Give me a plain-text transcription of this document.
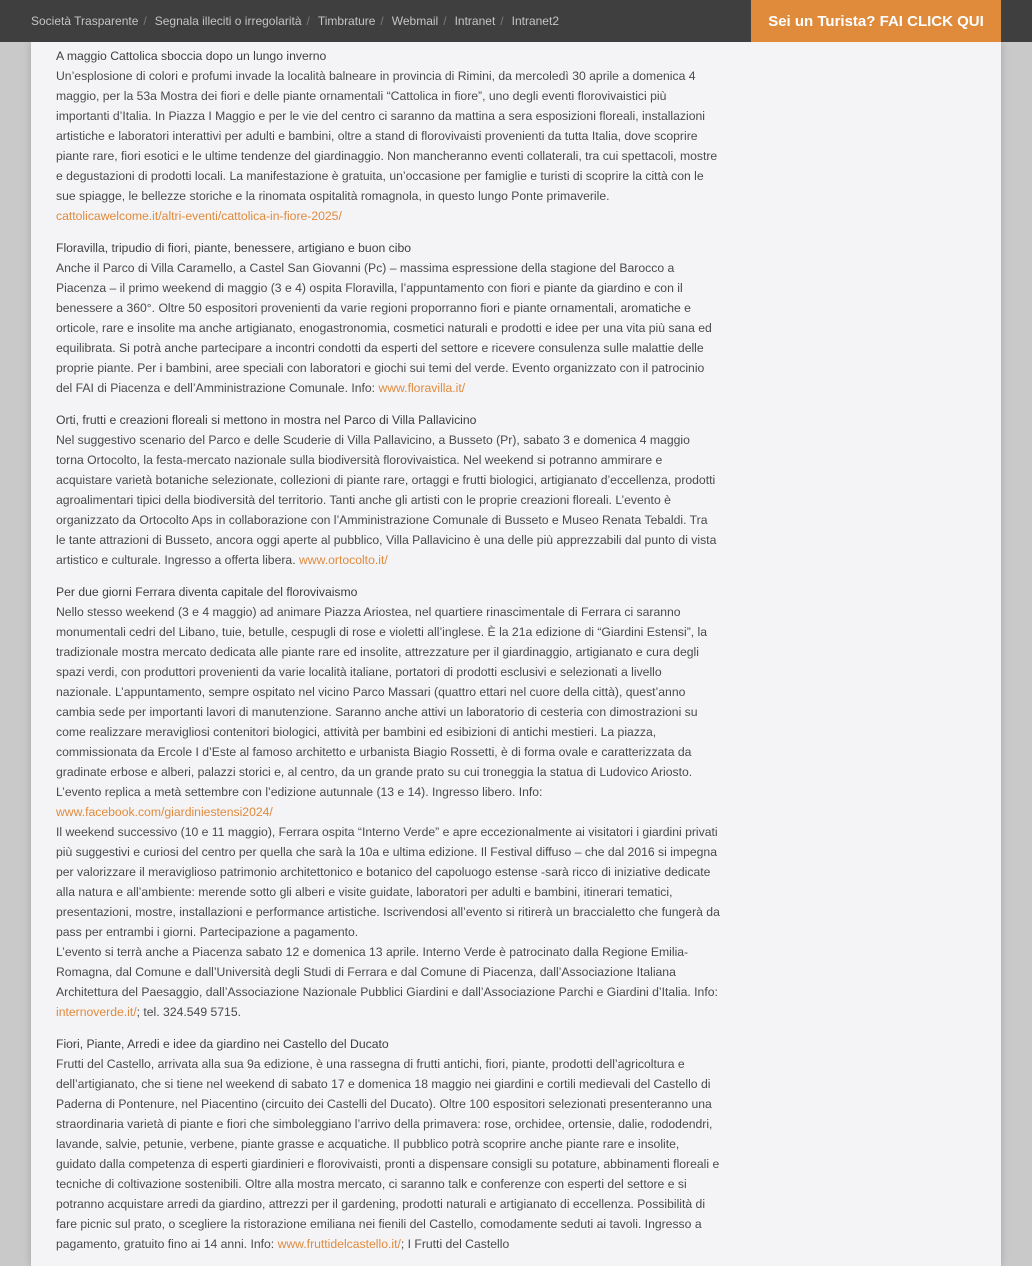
Società Trasparente / Segnala illeciti o irregolarità / Timbrature / Webmail / Intranet / Intranet2	Sei un Turista? FAI CLICK QUI
A maggio Cattolica sboccia dopo un lungo inverno

Un’esplosione di colori e profumi invade la località balneare in provincia di Rimini, da mercoledì 30 aprile a domenica 4 maggio, per la 53a Mostra dei fiori e delle piante ornamentali “Cattolica in fiore”, uno degli eventi florovivaistici più importanti d’Italia. In Piazza I Maggio e per le vie del centro ci saranno da mattina a sera esposizioni floreali, installazioni artistiche e laboratori interattivi per adulti e bambini, oltre a stand di florovivaisti provenienti da tutta Italia, dove scoprire piante rare, fiori esotici e le ultime tendenze del giardinaggio. Non mancheranno eventi collaterali, tra cui spettacoli, mostre e degustazioni di prodotti locali. La manifestazione è gratuita, un’occasione per famiglie e turisti di scoprire la città con le sue spiagge, le bellezze storiche e la rinomata ospitalità romagnola, in questo lungo Ponte primaverile.
cattolicawelcome.it/altri-eventi/cattolica-in-fiore-2025/

Floravilla, tripudio di fiori, piante, benessere, artigiano e buon cibo

Anche il Parco di Villa Caramello, a Castel San Giovanni (Pc) – massima espressione della stagione del Barocco a Piacenza – il primo weekend di maggio (3 e 4) ospita Floravilla, l’appuntamento con fiori e piante da giardino e con il benessere a 360°. Oltre 50 espositori provenienti da varie regioni proporranno fiori e piante ornamentali, aromatiche e orticole, rare e insolite ma anche artigianato, enogastronomia, cosmetici naturali e prodotti e idee per una vita più sana ed equilibrata. Si potrà anche partecipare a incontri condotti da esperti del settore e ricevere consulenza sulle malattie delle proprie piante. Per i bambini, aree speciali con laboratori e giochi sui temi del verde. Evento organizzato con il patrocinio del FAI di Piacenza e dell’Amministrazione Comunale. Info: www.floravilla.it/

Orti, frutti e creazioni floreali si mettono in mostra nel Parco di Villa Pallavicino

Nel suggestivo scenario del Parco e delle Scuderie di Villa Pallavicino, a Busseto (Pr), sabato 3 e domenica 4 maggio torna Ortocolto, la festa-mercato nazionale sulla biodiversità florovivaistica. Nel weekend si potranno ammirare e acquistare varietà botaniche selezionate, collezioni di piante rare, ortaggi e frutti biologici, artigianato d’eccellenza, prodotti agroalimentari tipici della biodiversità del territorio. Tanti anche gli artisti con le proprie creazioni floreali. L’evento è organizzato da Ortocolto Aps in collaborazione con l’Amministrazione Comunale di Busseto e Museo Renata Tebaldi. Tra le tante attrazioni di Busseto, ancora oggi aperte al pubblico, Villa Pallavicino è una delle più apprezzabili dal punto di vista artistico e culturale. Ingresso a offerta libera. www.ortocolto.it/

Per due giorni Ferrara diventa capitale del florovivaismo

Nello stesso weekend (3 e 4 maggio) ad animare Piazza Ariostea, nel quartiere rinascimentale di Ferrara ci saranno monumentali cedri del Libano, tuie, betulle, cespugli di rose e violetti all’inglese. È la 21a edizione di “Giardini Estensi”, la tradizionale mostra mercato dedicata alle piante rare ed insolite, attrezzature per il giardinaggio, artigianato e cura degli spazi verdi, con produttori provenienti da varie località italiane, portatori di prodotti esclusivi e selezionati a livello nazionale. L’appuntamento, sempre ospitato nel vicino Parco Massari (quattro ettari nel cuore della città), quest’anno cambia sede per importanti lavori di manutenzione. Saranno anche attivi un laboratorio di cesteria con dimostrazioni su come realizzare meravigliosi contenitori biologici, attività per bambini ed esibizioni di antichi mestieri. La piazza, commissionata da Ercole I d’Este al famoso architetto e urbanista Biagio Rossetti, è di forma ovale e caratterizzata da gradinate erbose e alberi, palazzi storici e, al centro, da un grande prato su cui troneggia la statua di Ludovico Ariosto. L’evento replica a metà settembre con l’edizione autunnale (13 e 14). Ingresso libero. Info:
www.facebook.com/giardiniestensi2024/

Il weekend successivo (10 e 11 maggio), Ferrara ospita “Interno Verde” e apre eccezionalmente ai visitatori i giardini privati più suggestivi e curiosi del centro per quella che sarà la 10a e ultima edizione. Il Festival diffuso – che dal 2016 si impegna per valorizzare il meraviglioso patrimonio architettonico e botanico del capoluogo estense -sarà ricco di iniziative dedicate alla natura e all’ambiente: merende sotto gli alberi e visite guidate, laboratori per adulti e bambini, itinerari tematici, presentazioni, mostre, installazioni e performance artistiche. Iscrivendosi all’evento si ritirerà un braccialetto che fungerà da pass per entrambi i giorni. Partecipazione a pagamento.

L’evento si terrà anche a Piacenza sabato 12 e domenica 13 aprile. Interno Verde è patrocinato dalla Regione Emilia-Romagna, dal Comune e dall’Università degli Studi di Ferrara e dal Comune di Piacenza, dall’Associazione Italiana Architettura del Paesaggio, dall’Associazione Nazionale Pubblici Giardini e dall’Associazione Parchi e Giardini d’Italia. Info: internoverde.it/; tel. 324.549 5715.

Fiori, Piante, Arredi e idee da giardino nei Castello del Ducato

Frutti del Castello, arrivata alla sua 9a edizione, è una rassegna di frutti antichi, fiori, piante, prodotti dell’agricoltura e dell’artigianato, che si tiene nel weekend di sabato 17 e domenica 18 maggio nei giardini e cortili medievali del Castello di Paderna di Pontenure, nel Piacentino (circuito dei Castelli del Ducato). Oltre 100 espositori selezionati presenteranno una straordinaria varietà di piante e fiori che simboleggiano l’arrivo della primavera: rose, orchidee, ortensie, dalie, rododendri, lavande, salvie, petunie, verbene, piante grasse e acquatiche. Il pubblico potrà scoprire anche piante rare e insolite, guidato dalla competenza di esperti giardinieri e florovivaisti, pronti a dispensare consigli su potature, abbinamenti floreali e tecniche di coltivazione sostenibili. Oltre alla mostra mercato, ci saranno talk e conferenze con esperti del settore e si potranno acquistare arredi da giardino, attrezzi per il gardening, prodotti naturali e artigianato di eccellenza. Possibilità di fare picnic sul prato, o scegliere la ristorazione emiliana nei fienili del Castello, comodamente seduti ai tavoli. Ingresso a pagamento, gratuito fino ai 14 anni. Info: www.fruttidelcastello.it/; I Frutti del Castello
